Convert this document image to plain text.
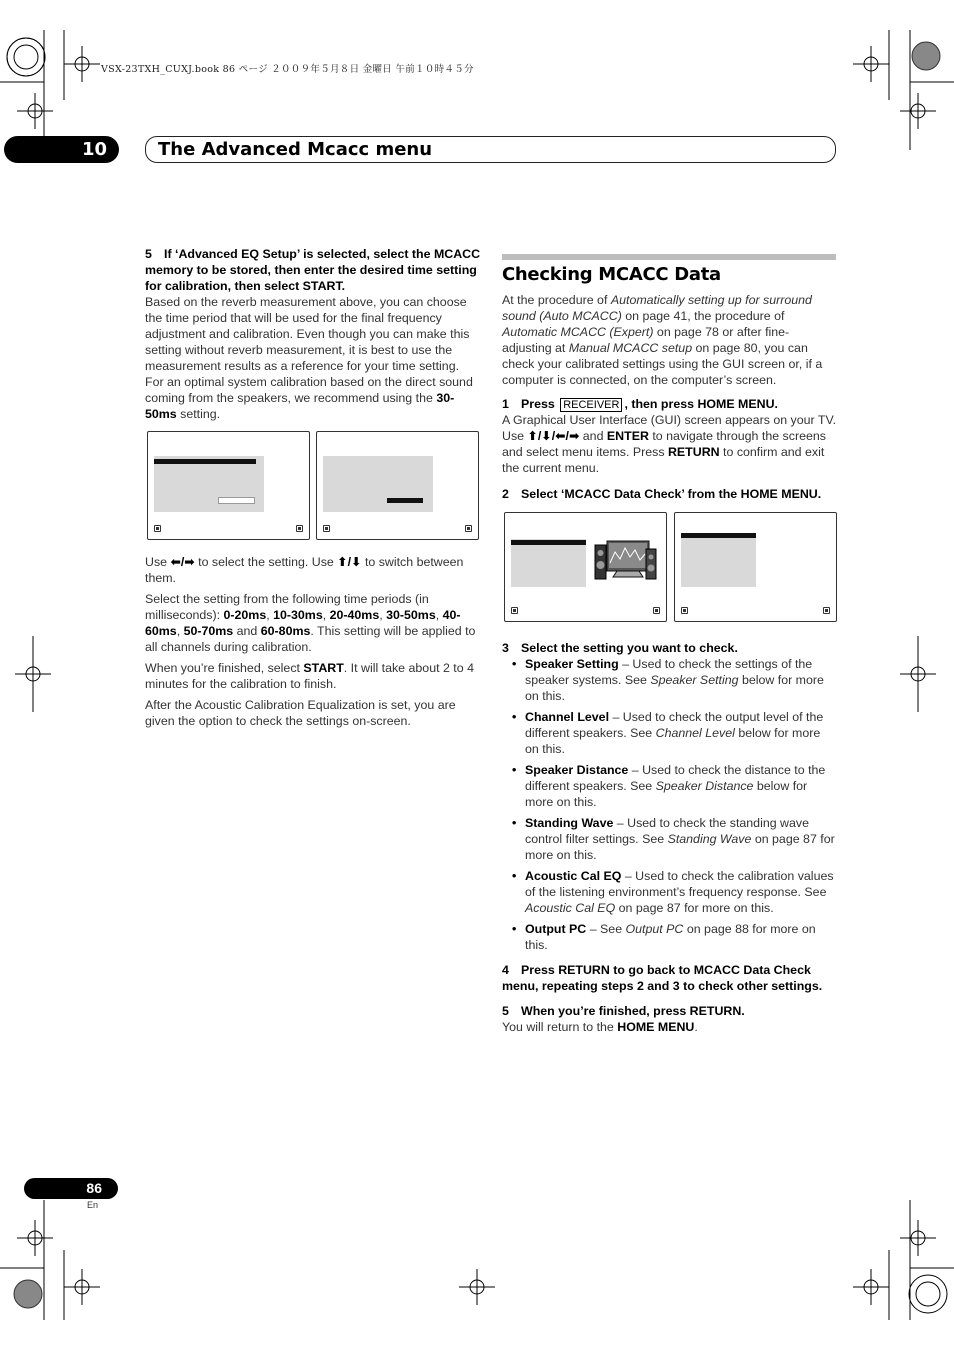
VSX-23TXH_CUXJ.book 86 ページ ２００９年５月８日 金曜日 午前１０時４５分
10	The Advanced Mcacc menu

5 If ‘Advanced EQ Setup’ is selected, select the MCACC memory to be stored, then enter the desired time setting for calibration, then select START.

Based on the reverb measurement above, you can choose the time period that will be used for the final frequency adjustment and calibration. Even though you can make this setting without reverb measurement, it is best to use the measurement results as a reference for your time setting. For an optimal system calibration based on the direct sound coming from the speakers, we recommend using the 30-50ms setting.

Use ⬅/➡ to select the setting. Use ⬆/⬇ to switch between them.

Select the setting from the following time periods (in milliseconds): 0-20ms, 10-30ms, 20-40ms, 30-50ms, 40-60ms, 50-70ms and 60-80ms. This setting will be applied to all channels during calibration.

When you’re finished, select START. It will take about 2 to 4 minutes for the calibration to finish.

After the Acoustic Calibration Equalization is set, you are given the option to check the settings on-screen.

Checking MCACC Data

At the procedure of Automatically setting up for surround sound (Auto MCACC) on page 41, the procedure of Automatic MCACC (Expert) on page 78 or after fine-adjusting at Manual MCACC setup on page 80, you can check your calibrated settings using the GUI screen or, if a computer is connected, on the computer’s screen.

1 Press RECEIVER , then press HOME MENU.

A Graphical User Interface (GUI) screen appears on your TV. Use ⬆/⬇/⬅/➡ and ENTER to navigate through the screens and select menu items. Press RETURN to confirm and exit the current menu.

2 Select ‘MCACC Data Check’ from the HOME MENU.

3 Select the setting you want to check.

• Speaker Setting – Used to check the settings of the speaker systems. See Speaker Setting below for more on this.
• Channel Level – Used to check the output level of the different speakers. See Channel Level below for more on this.
• Speaker Distance – Used to check the distance to the different speakers. See Speaker Distance below for more on this.
• Standing Wave – Used to check the standing wave control filter settings. See Standing Wave on page 87 for more on this.
• Acoustic Cal EQ – Used to check the calibration values of the listening environment’s frequency response. See Acoustic Cal EQ on page 87 for more on this.
• Output PC – See Output PC on page 88 for more on this.

4 Press RETURN to go back to MCACC Data Check menu, repeating steps 2 and 3 to check other settings.

5 When you’re finished, press RETURN.

You will return to the HOME MENU.

86
En
